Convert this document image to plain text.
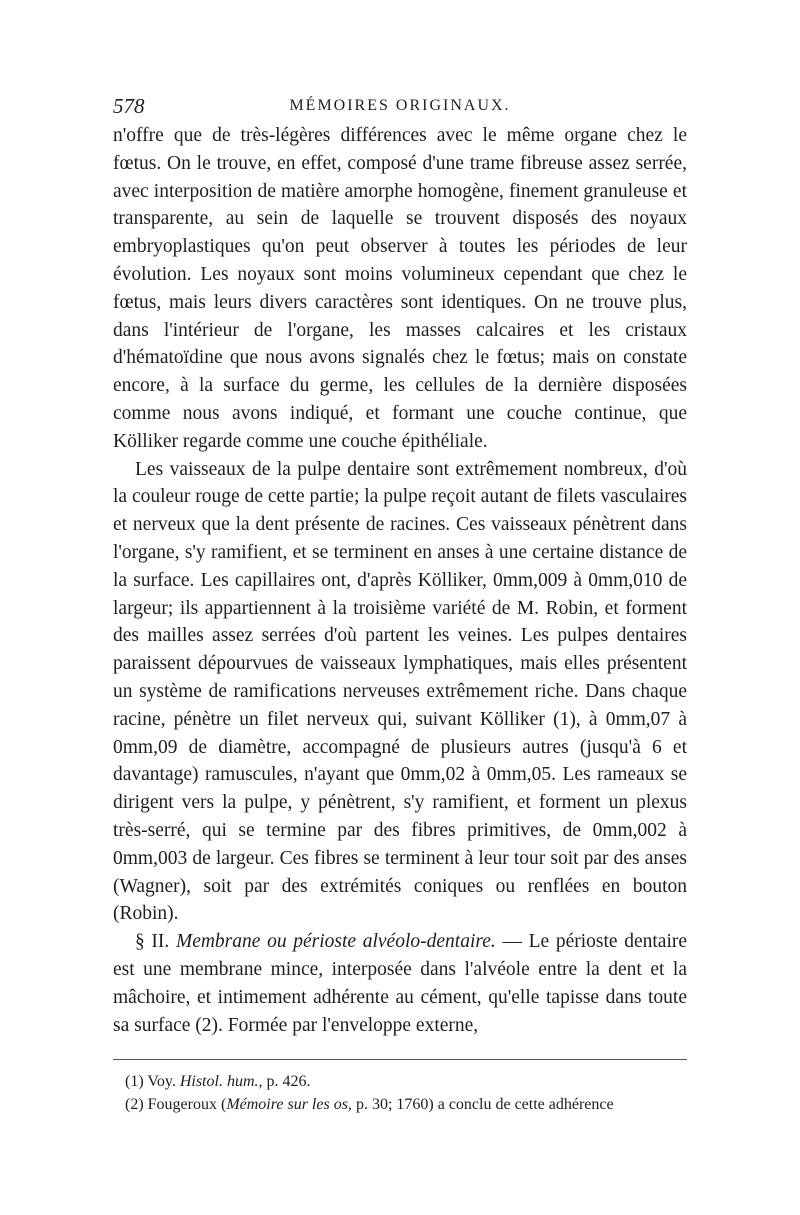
578	MÉMOIRES ORIGINAUX.

n'offre que de très-légères différences avec le même organe chez le fœtus. On le trouve, en effet, composé d'une trame fibreuse assez serrée, avec interposition de matière amorphe homogène, finement granuleuse et transparente, au sein de laquelle se trouvent disposés des noyaux embryoplastiques qu'on peut observer à toutes les périodes de leur évolution. Les noyaux sont moins volumineux cependant que chez le fœtus, mais leurs divers caractères sont identiques. On ne trouve plus, dans l'intérieur de l'organe, les masses calcaires et les cristaux d'hématoïdine que nous avons signalés chez le fœtus; mais on constate encore, à la surface du germe, les cellules de la dernière disposées comme nous avons indiqué, et formant une couche continue, que Kölliker regarde comme une couche épithéliale.

Les vaisseaux de la pulpe dentaire sont extrêmement nombreux, d'où la couleur rouge de cette partie; la pulpe reçoit autant de filets vasculaires et nerveux que la dent présente de racines. Ces vaisseaux pénètrent dans l'organe, s'y ramifient, et se terminent en anses à une certaine distance de la surface. Les capillaires ont, d'après Kölliker, 0mm,009 à 0mm,010 de largeur; ils appartiennent à la troisième variété de M. Robin, et forment des mailles assez serrées d'où partent les veines. Les pulpes dentaires paraissent dépourvues de vaisseaux lymphatiques, mais elles présentent un système de ramifications nerveuses extrêmement riche. Dans chaque racine, pénètre un filet nerveux qui, suivant Kölliker (1), à 0mm,07 à 0mm,09 de diamètre, accompagné de plusieurs autres (jusqu'à 6 et davantage) ramuscules, n'ayant que 0mm,02 à 0mm,05. Les rameaux se dirigent vers la pulpe, y pénètrent, s'y ramifient, et forment un plexus très-serré, qui se termine par des fibres primitives, de 0mm,002 à 0mm,003 de largeur. Ces fibres se terminent à leur tour soit par des anses (Wagner), soit par des extrémités coniques ou renflées en bouton (Robin).

§ II. Membrane ou périoste alvéolo-dentaire. — Le périoste dentaire est une membrane mince, interposée dans l'alvéole entre la dent et la mâchoire, et intimement adhérente au cément, qu'elle tapisse dans toute sa surface (2). Formée par l'enveloppe externe,

(1) Voy. Histol. hum., p. 426.

(2) Fougeroux (Mémoire sur les os, p. 30; 1760) a conclu de cette adhérence
